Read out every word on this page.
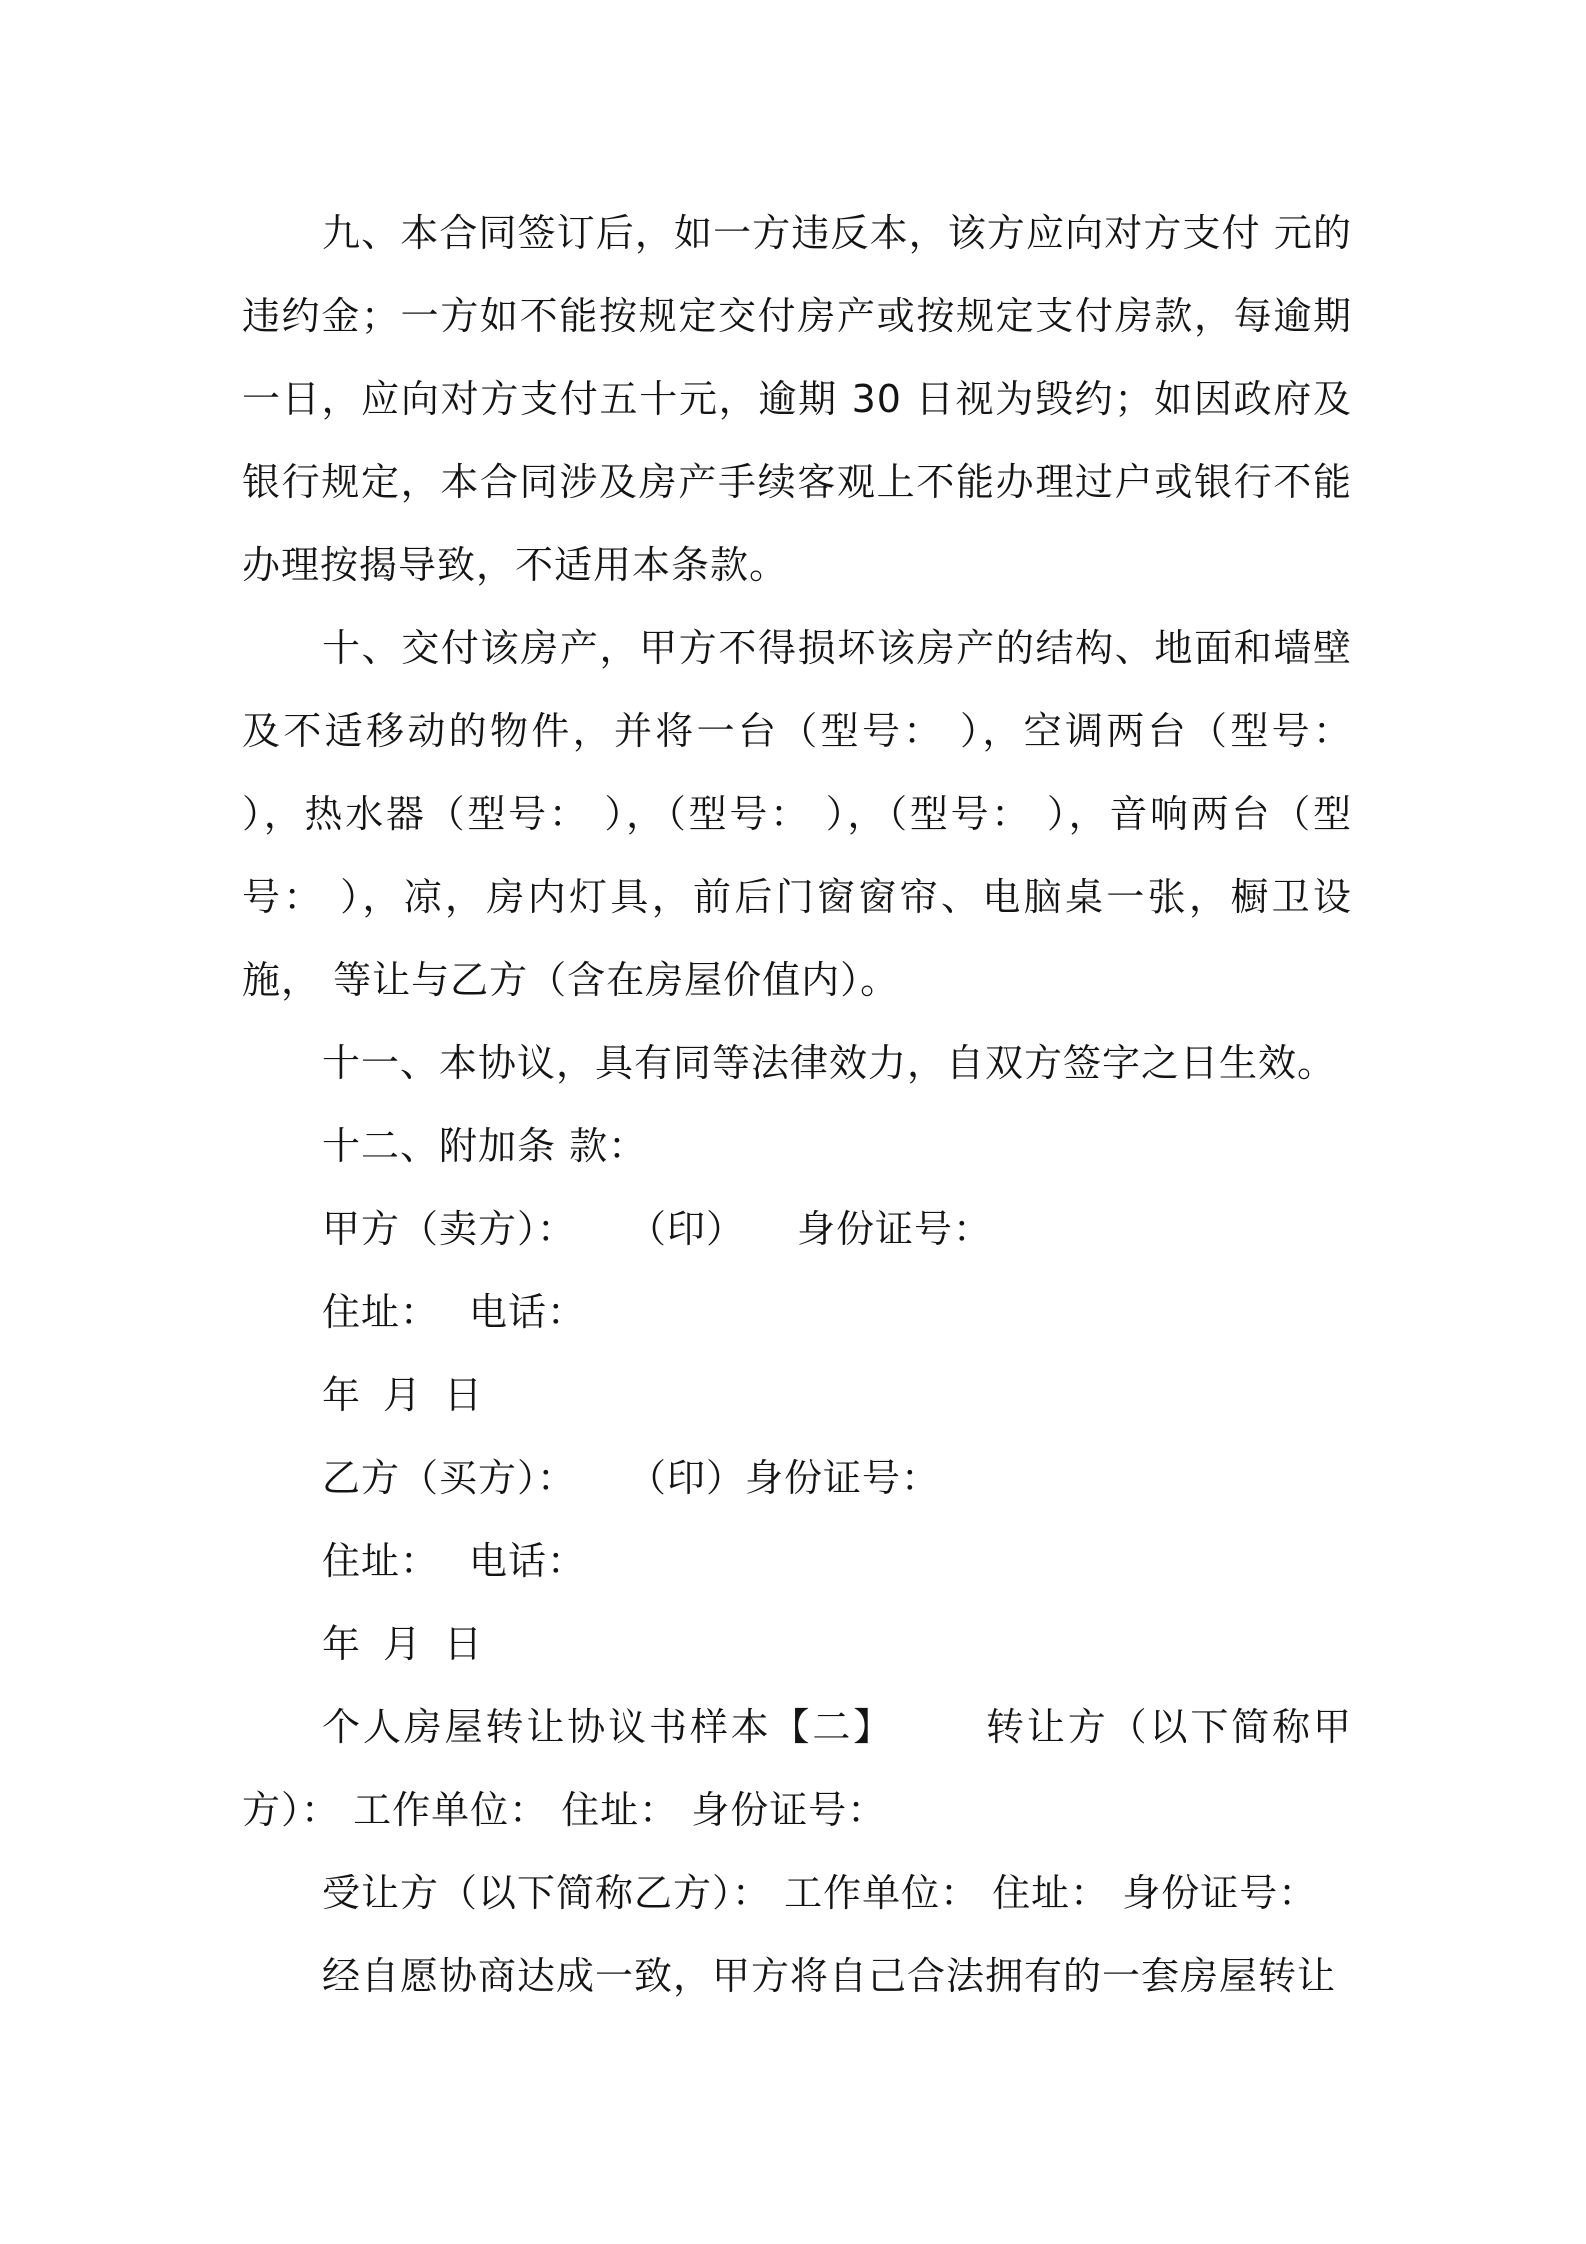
九、本合同签订后，如一方违反本，该方应向对方支付 元的违约金；一方如不能按规定交付房产或按规定支付房款，每逾期一日，应向对方支付五十元，逾期 30 日视为毁约；如因政府及银行规定，本合同涉及房产手续客观上不能办理过户或银行不能办理按揭导致，不适用本条款。

十、交付该房产，甲方不得损坏该房产的结构、地面和墙壁及不适移动的物件，并将一台（型号： ），空调两台（型号： ），热水器（型号： ），（型号： ），（型号： ），音响两台（型号： ），凉，房内灯具，前后门窗窗帘、电脑桌一张，橱卫设施， 等让与乙方（含在房屋价值内）。

十一、本协议，具有同等法律效力，自双方签字之日生效。

十二、附加条 款：

甲方（卖方）： （印） 身份证号：

住址： 电话：

年 月 日

乙方（买方）： （印）身份证号：

住址： 电话：

年 月 日

个人房屋转让协议书样本【二】 转让方（以下简称甲方）： 工作单位： 住址： 身份证号：

受让方（以下简称乙方）： 工作单位： 住址： 身份证号：

经自愿协商达成一致，甲方将自己合法拥有的一套房屋转让
